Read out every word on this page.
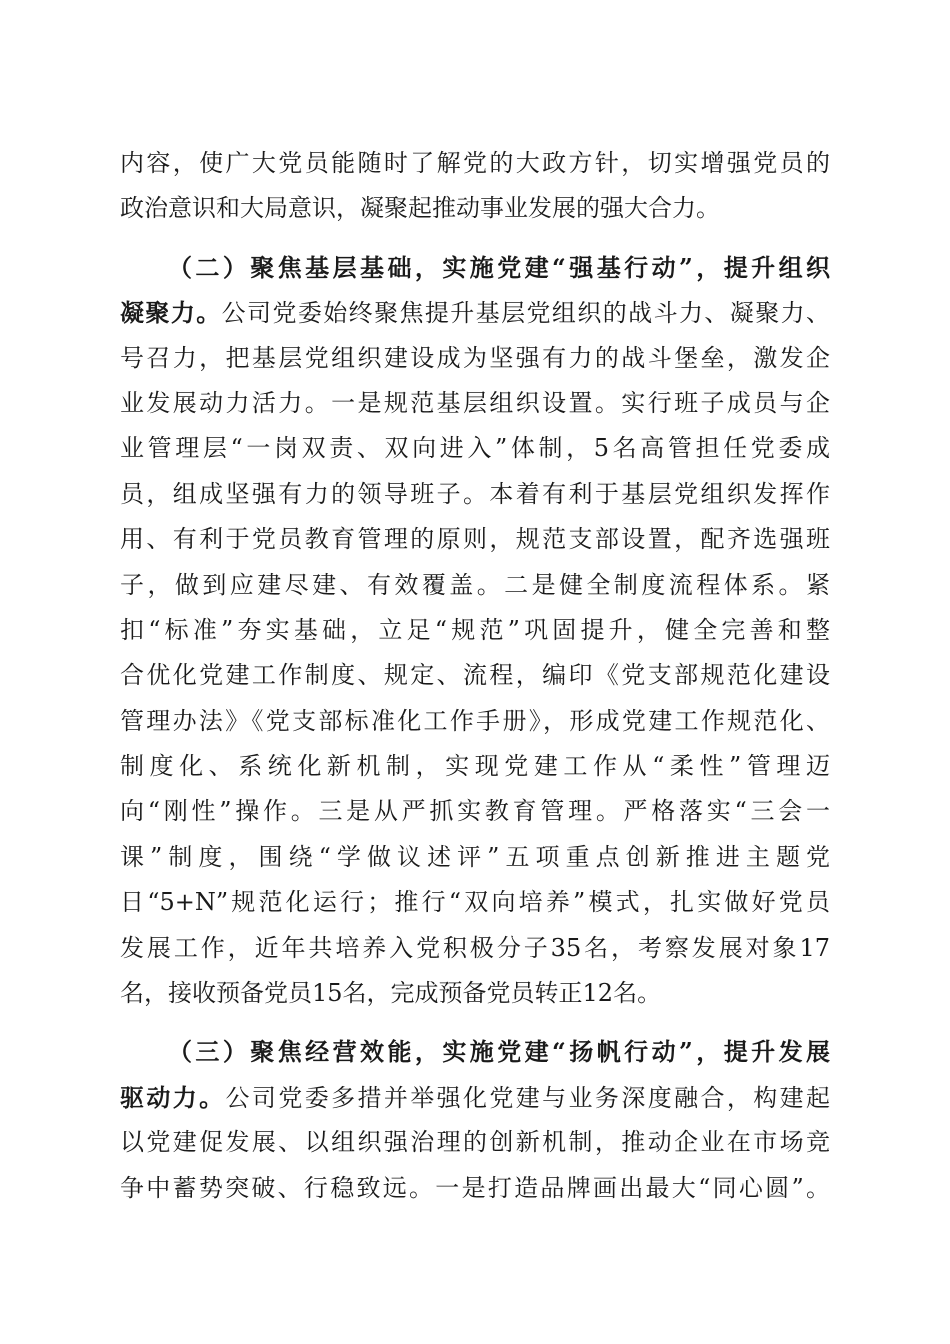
内容，使广大党员能随时了解党的大政方针，切实增强党员的
政治意识和大局意识，凝聚起推动事业发展的强大合力。
（二）聚焦基层基础，实施党建“强基行动”，提升组织
凝聚力。公司党委始终聚焦提升基层党组织的战斗力、凝聚力、
号召力，把基层党组织建设成为坚强有力的战斗堡垒，激发企
业发展动力活力。一是规范基层组织设置。实行班子成员与企
业管理层“一岗双责、双向进入”体制，5名高管担任党委成
员，组成坚强有力的领导班子。本着有利于基层党组织发挥作
用、有利于党员教育管理的原则，规范支部设置，配齐选强班
子，做到应建尽建、有效覆盖。二是健全制度流程体系。紧
扣“标准”夯实基础，立足“规范”巩固提升，健全完善和整
合优化党建工作制度、规定、流程，编印《党支部规范化建设
管理办法》《党支部标准化工作手册》，形成党建工作规范化、
制度化、系统化新机制，实现党建工作从“柔性”管理迈
向“刚性”操作。三是从严抓实教育管理。严格落实“三会一
课”制度，围绕“学做议述评”五项重点创新推进主题党
日“5+N”规范化运行；推行“双向培养”模式，扎实做好党员
发展工作，近年共培养入党积极分子35名，考察发展对象17
名，接收预备党员15名，完成预备党员转正12名。
（三）聚焦经营效能，实施党建“扬帆行动”，提升发展
驱动力。公司党委多措并举强化党建与业务深度融合，构建起
以党建促发展、以组织强治理的创新机制，推动企业在市场竞
争中蓄势突破、行稳致远。一是打造品牌画出最大“同心圆”。
